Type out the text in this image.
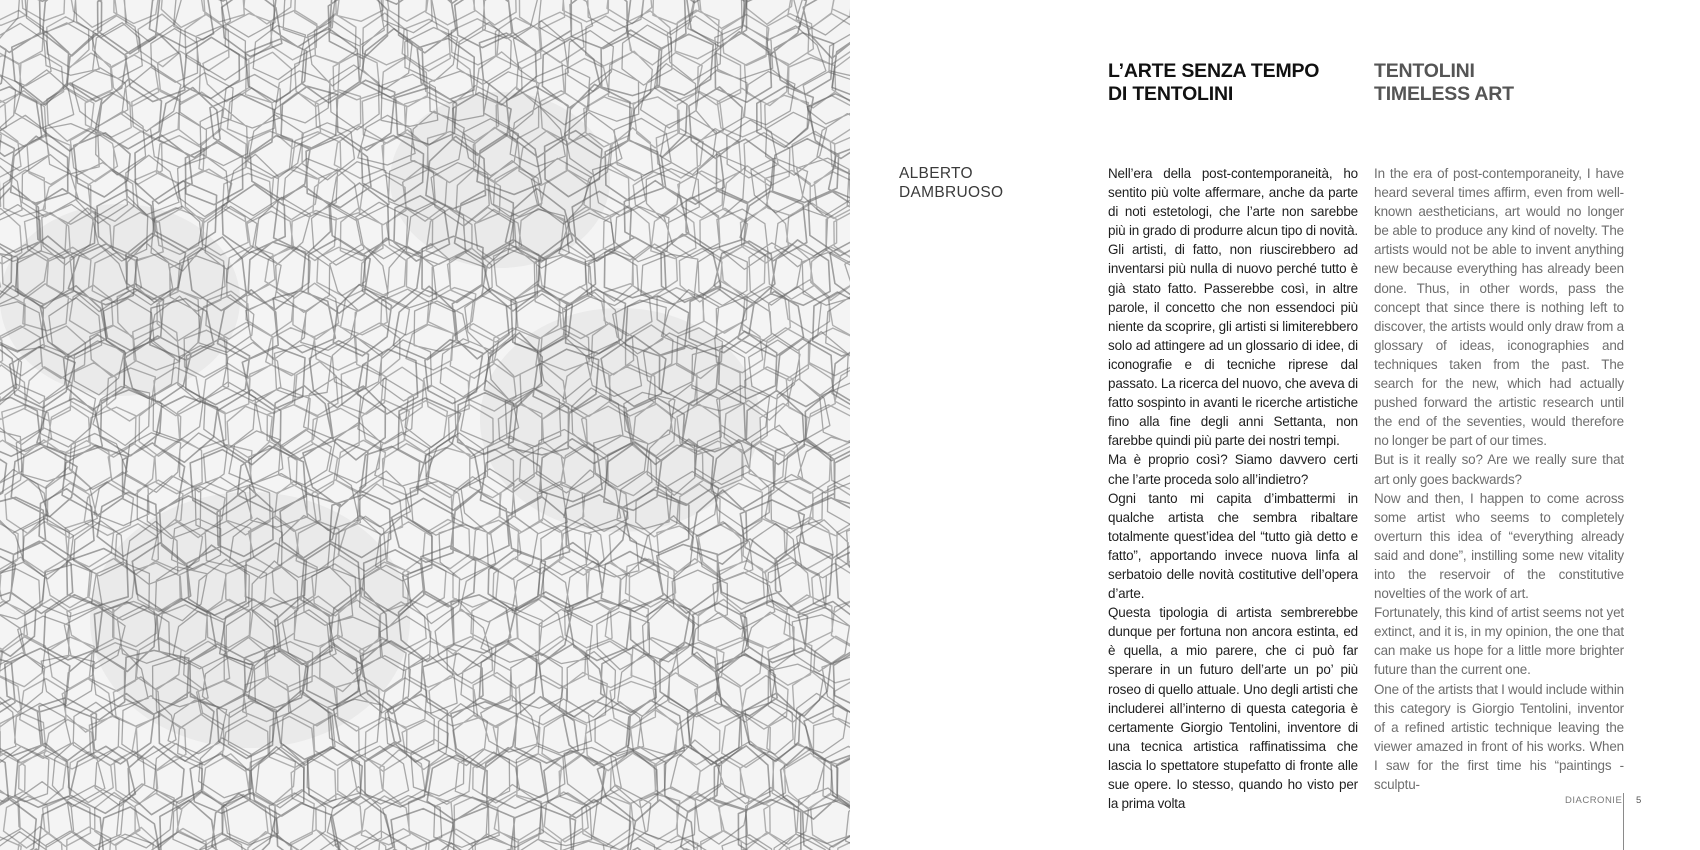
ALBERTO
DAMBRUOSO
L’ARTE SENZA TEMPO
DI TENTOLINI
TENTOLINI
TIMELESS ART

Nell’era della post-contemporaneità, ho sentito più volte affermare, anche da parte di noti estetologi, che l’arte non sarebbe più in grado di produrre alcun tipo di novità. Gli artisti, di fatto, non riuscirebbero ad inventarsi più nulla di nuovo perché tutto è già stato fatto. Passerebbe così, in altre parole, il concetto che non essendoci più niente da scoprire, gli artisti si limiterebbero solo ad attingere ad un glossario di idee, di iconografie e di tecniche riprese dal passato. La ricerca del nuovo, che aveva di fatto sospinto in avanti le ricerche artistiche fino alla fine degli anni Settanta, non farebbe quindi più parte dei nostri tempi.

Ma è proprio così? Siamo davvero certi che l’arte proceda solo all’indietro?

Ogni tanto mi capita d’imbattermi in qualche artista che sembra ribaltare totalmente quest’idea del “tutto già detto e fatto”, apportando invece nuova linfa al serbatoio delle novità costitutive dell’opera d’arte.

Questa tipologia di artista sembrerebbe dunque per fortuna non ancora estinta, ed è quella, a mio parere, che ci può far sperare in un futuro dell’arte un po’ più roseo di quello attuale. Uno degli artisti che includerei all’interno di questa categoria è certamente Giorgio Tentolini, inventore di una tecnica artistica raffinatissima che lascia lo spettatore stupefatto di fronte alle sue opere. Io stesso, quando ho visto per la prima volta

In the era of post-contemporaneity, I have heard several times affirm, even from well-known aestheticians, art would no longer be able to produce any kind of novelty. The artists would not be able to invent anything new because everything has already been done. Thus, in other words, pass the concept that since there is nothing left to discover, the artists would only draw from a glossary of ideas, iconographies and techniques taken from the past. The search for the new, which had actually pushed forward the artistic research until the end of the seventies, would therefore no longer be part of our times.

But is it really so? Are we really sure that art only goes backwards?

Now and then, I happen to come across some artist who seems to completely overturn this idea of “everything already said and done”, instilling some new vitality into the reservoir of the constitutive novelties of the work of art.

Fortunately, this kind of artist seems not yet extinct, and it is, in my opinion, the one that can make us hope for a little more brighter future than the current one.

One of the artists that I would include within this category is Giorgio Tentolini, inventor of a refined artistic technique leaving the viewer amazed in front of his works. When I saw for the first time his “paintings - sculptu-

DIACRONIE 5
